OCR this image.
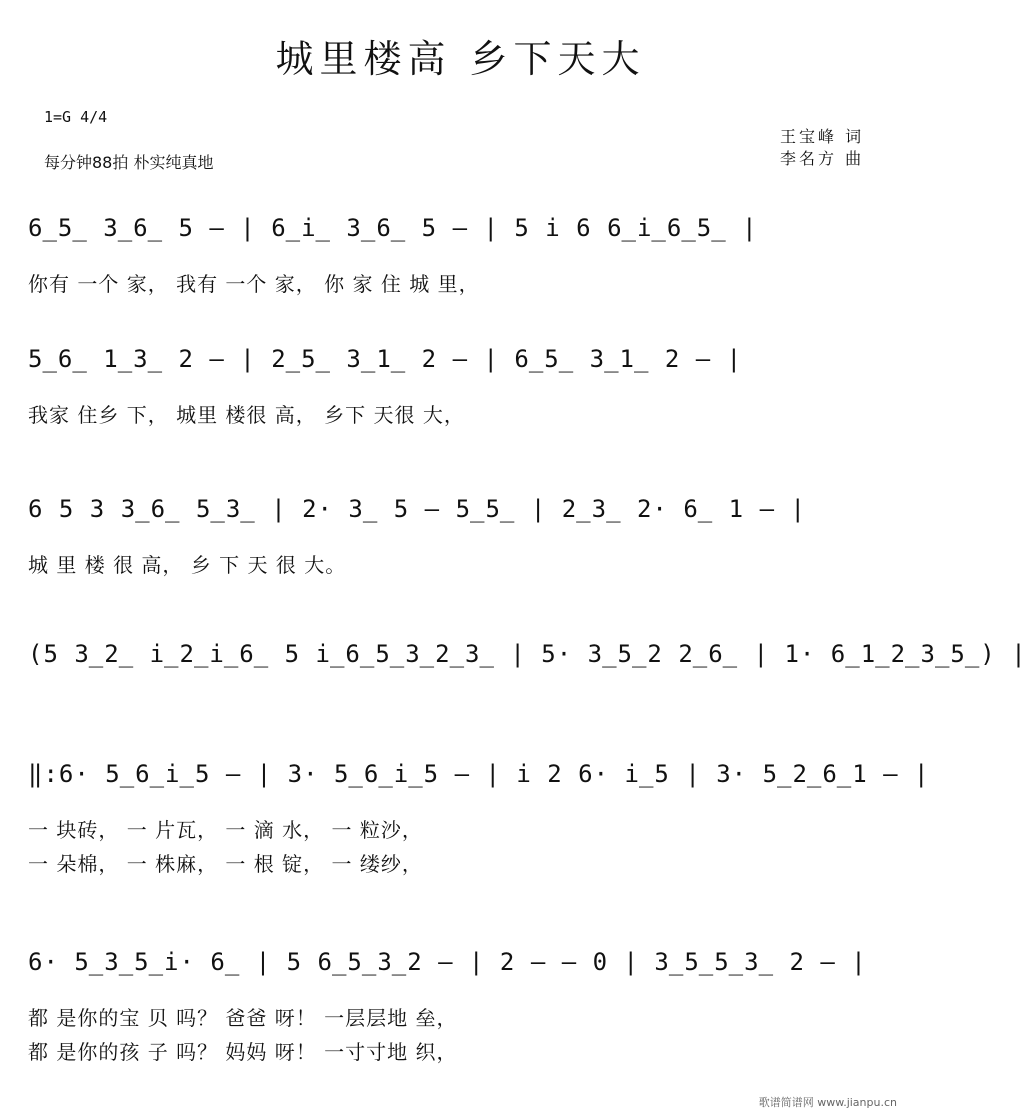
城里楼高 乡下天大
1=G 4/4
每分钟88拍 朴实纯真地
王宝峰 词
李名方 曲
6̲5̲ 3̲6̲ 5 – | 6̲i̲ 3̲6̲ 5 – | 5 i 6 6̲i̲6̲5̲ |
你有 一个 家， 我有 一个 家， 你 家 住 城 里，
5̲6̲ 1̲3̲ 2 – | 2̲5̲ 3̲1̲ 2 – | 6̲5̲ 3̲1̲ 2 – |
我家 住乡 下， 城里 楼很 高， 乡下 天很 大，
6 5 3 3̲6̲ 5̲3̲ | 2· 3̲ 5 – 5̲5̲ | 2̲3̲ 2· 6̲ 1 – |
城 里 楼 很 高， 乡 下 天 很 大。
(5 3̲2̲ i̲2̲i̲6̲ 5 i̲6̲5̲3̲2̲3̲ | 5· 3̲5̲2 2̲6̲ | 1· 6̲1̲2̲3̲5̲) |
‖:6· 5̲6̲i̲5 – | 3· 5̲6̲i̲5 – | i 2 6· i̲5 | 3· 5̲2̲6̲1 – |
一 块砖， 一 片瓦， 一 滴 水， 一 粒沙，
一 朵棉， 一 株麻， 一 根 锭， 一 缕纱，
6· 5̲3̲5̲i· 6̲ | 5 6̲5̲3̲2 – | 2 – – 0 | 3̲5̲5̲3̲ 2 – |
都 是你的宝 贝 吗？ 爸爸 呀！ 一层层地 垒，
都 是你的孩 子 吗？ 妈妈 呀！ 一寸寸地 织，
歌谱简谱网 www.jianpu.cn
